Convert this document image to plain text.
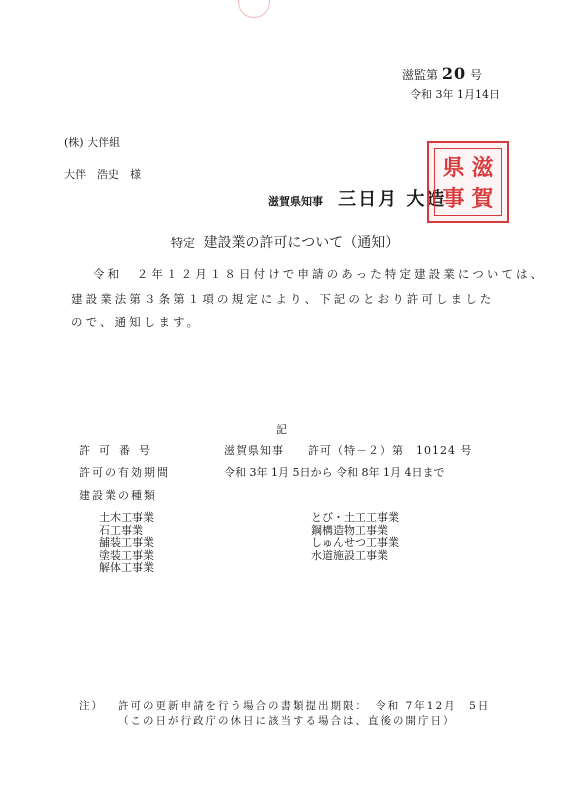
滋監第 20 号
令和 3年 1月14日
(株) 大伴組
大伴　浩史　様
滋賀県知事 三日月 大造
県 滋
事 賀
特定 建設業の許可について（通知）
令和　２年１２月１８日付けで申請のあった特定建設業については、
建設業法第３条第１項の規定により、下記のとおり許可しました
ので、通知します。
記
許可番号	滋賀県知事　　許可（特－２）第　10124 号
許可の有効期間	令和 3年 1月 5日から 令和 8年 1月 4日まで
建設業の種類
土木工事業
石工事業
舗装工事業
塗装工事業
解体工事業
とび・土工工事業
鋼構造物工事業
しゅんせつ工事業
水道施設工事業
注） 許可の更新申請を行う場合の書類提出期限：　令和 7年12月　5日
（この日が行政庁の休日に該当する場合は、直後の開庁日）
